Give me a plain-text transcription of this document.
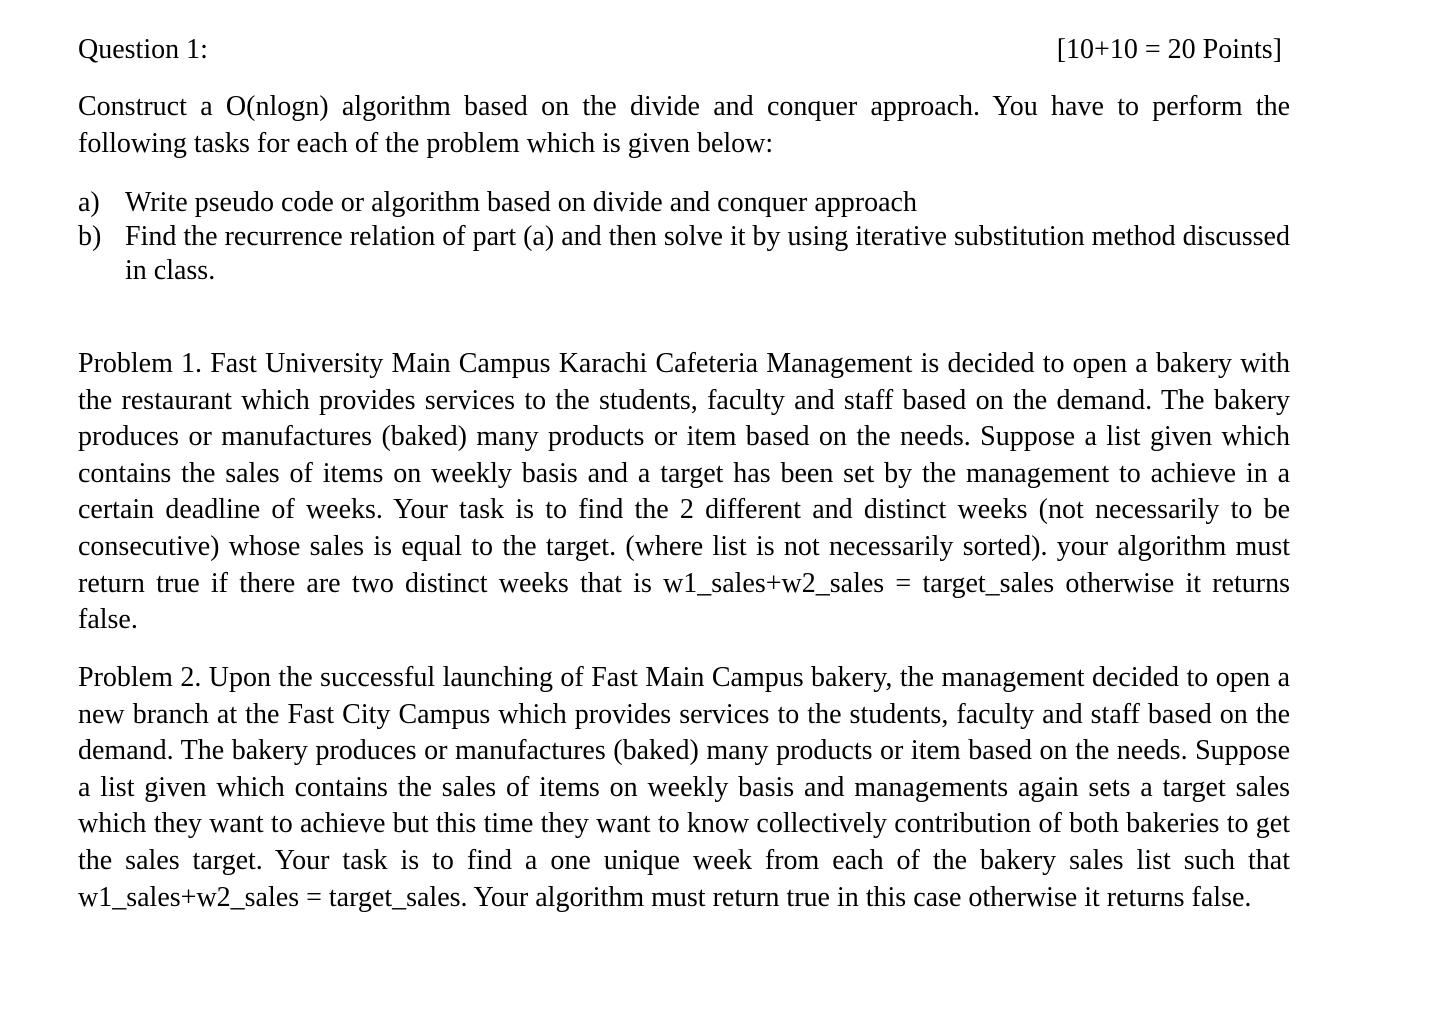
Question 1:	[10+10 = 20 Points]

Construct a O(nlogn) algorithm based on the divide and conquer approach. You have to perform the following tasks for each of the problem which is given below:

a) Write pseudo code or algorithm based on divide and conquer approach
b) Find the recurrence relation of part (a) and then solve it by using iterative substitution method discussed in class.

Problem 1. Fast University Main Campus Karachi Cafeteria Management is decided to open a bakery with the restaurant which provides services to the students, faculty and staff based on the demand. The bakery produces or manufactures (baked) many products or item based on the needs. Suppose a list given which contains the sales of items on weekly basis and a target has been set by the management to achieve in a certain deadline of weeks. Your task is to find the 2 different and distinct weeks (not necessarily to be consecutive) whose sales is equal to the target. (where list is not necessarily sorted). your algorithm must return true if there are two distinct weeks that is w1_sales+w2_sales = target_sales otherwise it returns false.

Problem 2. Upon the successful launching of Fast Main Campus bakery, the management decided to open a new branch at the Fast City Campus which provides services to the students, faculty and staff based on the demand. The bakery produces or manufactures (baked) many products or item based on the needs. Suppose a list given which contains the sales of items on weekly basis and managements again sets a target sales which they want to achieve but this time they want to know collectively contribution of both bakeries to get the sales target. Your task is to find a one unique week from each of the bakery sales list such that w1_sales+w2_sales = target_sales. Your algorithm must return true in this case otherwise it returns false.
